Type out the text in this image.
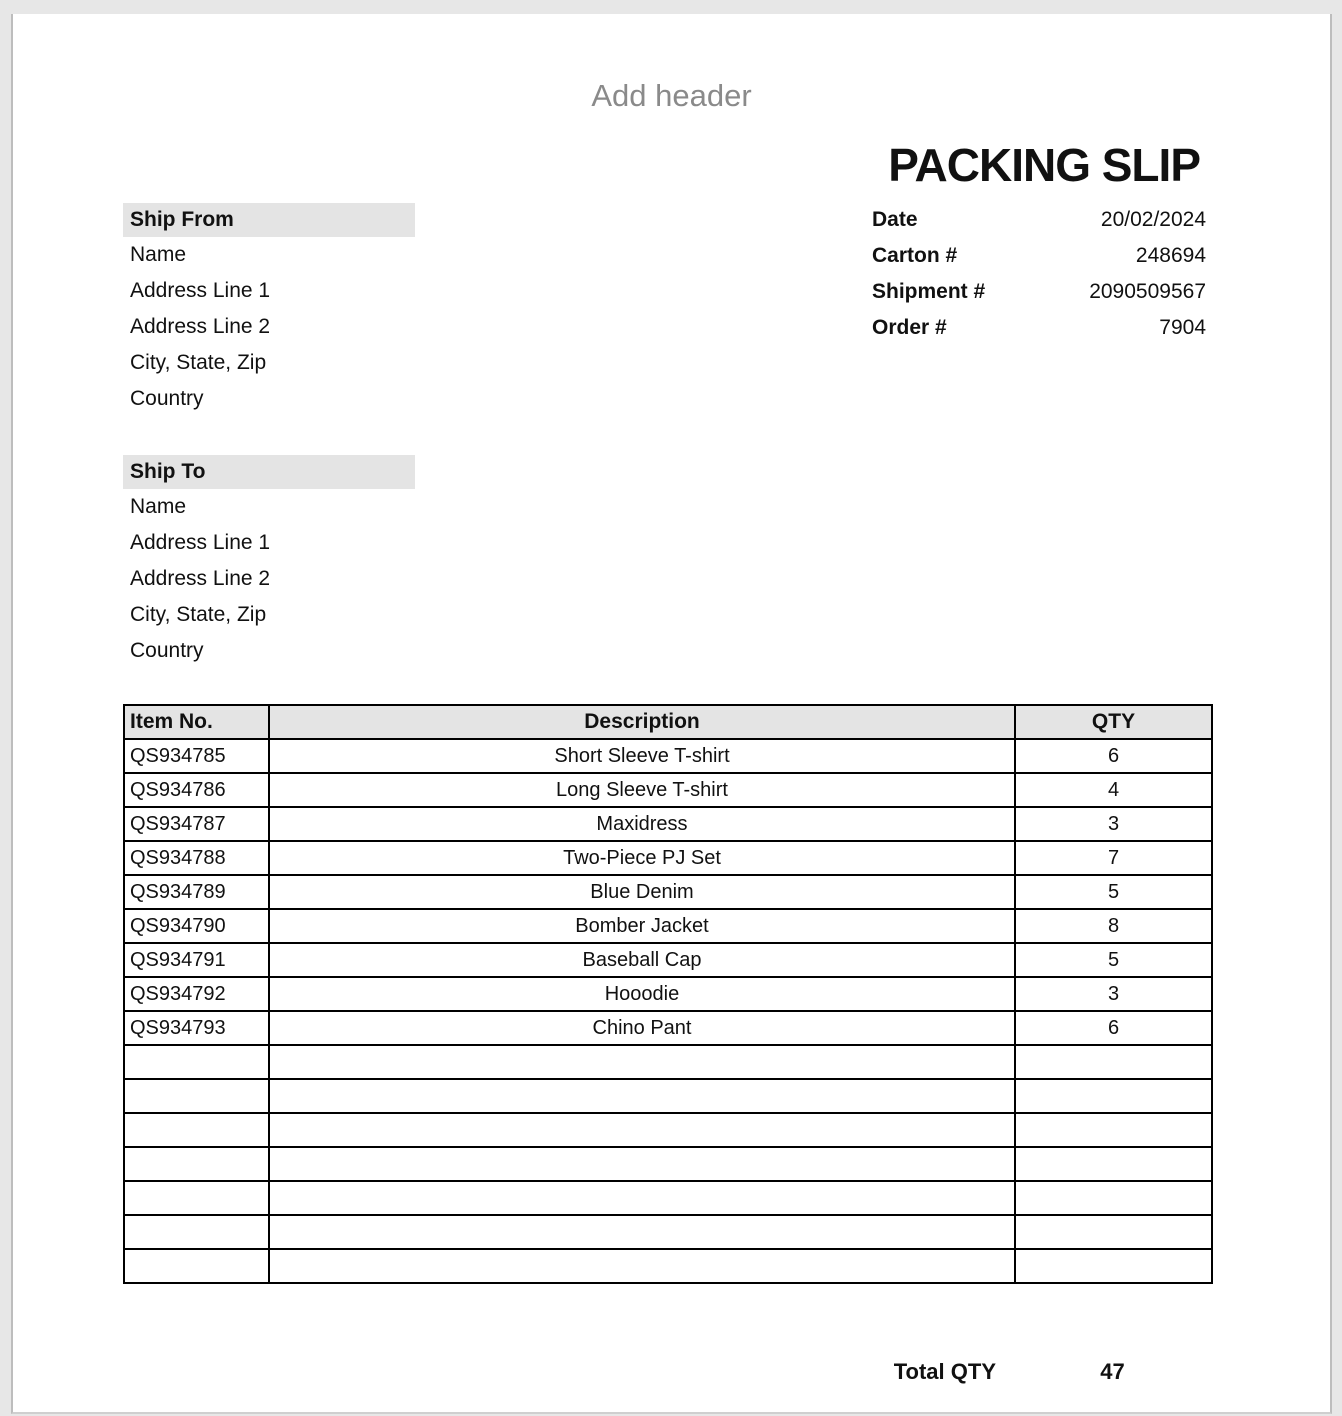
Add header
PACKING SLIP
Ship From
Name
Address Line 1
Address Line 2
City, State, Zip
Country
Ship To
Name
Address Line 1
Address Line 2
City, State, Zip
Country
Date	20/02/2024
Carton #	248694
Shipment #	2090509567
Order #	7904
Item No.	Description	QTY
QS934785	Short Sleeve T-shirt	6
QS934786	Long Sleeve T-shirt	4
QS934787	Maxidress	3
QS934788	Two-Piece PJ Set	7
QS934789	Blue Denim	5
QS934790	Bomber Jacket	8
QS934791	Baseball Cap	5
QS934792	Hooodie	3
QS934793	Chino Pant	6

Total QTY	47
